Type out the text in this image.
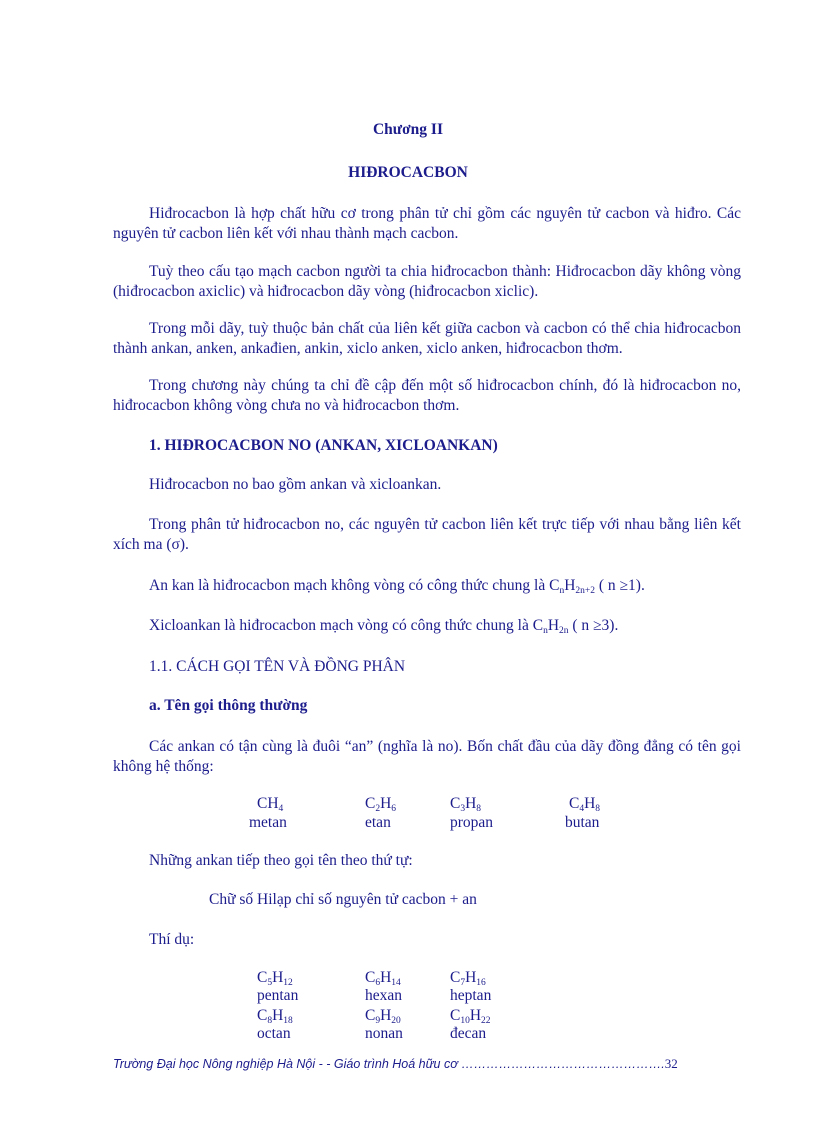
Chương II
HIĐROCACBON
Hiđrocacbon là hợp chất hữu cơ trong phân tử chỉ gồm các nguyên tử cacbon và hiđro. Các nguyên tử cacbon liên kết với nhau thành mạch cacbon.
Tuỳ theo cấu tạo mạch cacbon người ta chia hiđrocacbon thành: Hiđrocacbon dãy không vòng (hiđrocacbon axiclic) và hiđrocacbon dãy vòng (hiđrocacbon xiclic).
Trong mỗi dãy, tuỳ thuộc bản chất của liên kết giữa cacbon và cacbon có thể chia hiđrocacbon thành ankan, anken, ankađien, ankin, xiclo anken, xiclo anken, hiđrocacbon thơm.
Trong chương này chúng ta chỉ đề cập đến một số hiđrocacbon chính, đó là hiđrocacbon no, hiđrocacbon không vòng chưa no và hiđrocacbon thơm.
1. HIĐROCACBON NO (ANKAN, XICLOANKAN)
Hiđrocacbon no bao gồm ankan và xicloankan.
Trong phân tử hiđrocacbon no, các nguyên tử cacbon liên kết trực tiếp với nhau bằng liên kết xích ma (σ).
An kan là hiđrocacbon mạch không vòng có công thức chung là $C_nH_{2n+2}$ ( n ≥1).
Xicloankan là hiđrocacbon mạch vòng có công thức chung là $C_nH_{2n}$ ( n ≥3).
1.1. CÁCH GỌI TÊN VÀ ĐỒNG PHÂN
a. Tên gọi thông thường
Các ankan có tận cùng là đuôi “an” (nghĩa là no). Bốn chất đầu của dãy đồng đẳng có tên gọi không hệ thống:
$CH_4$
metan
$C_2H_6$
etan
$C_3H_8$
propan
$C_4H_8$
butan
Những ankan tiếp theo gọi tên theo thứ tự:
Chữ số Hilạp chỉ số nguyên tử cacbon + an
Thí dụ:
$C_5H_{12}$
pentan
$C_6H_{14}$
hexan
$C_7H_{16}$
heptan
$C_8H_{18}$
octan
$C_9H_{20}$
nonan
$C_{10}H_{22}$
đecan
Trường Đại học Nông nghiệp Hà Nội - - Giáo trình Hoá hữu cơ ………………………………………….32
